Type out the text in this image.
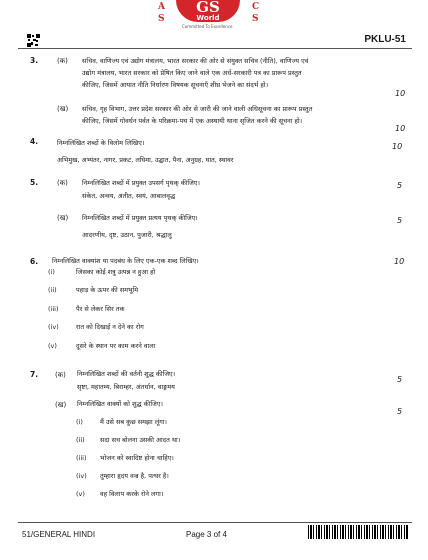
A
S
GS
World
C
S
Committed To Excellence
PKLU-51
3.	(क) सचिव, वाणिज्य एवं उद्योग मंत्रालय, भारत सरकार की ओर से संयुक्त सचिव (नीति), वाणिज्य एवं
उद्योग मंत्रालय, भारत सरकार को प्रेषित किए जाने वाले एक अर्ध-सरकारी पत्र का प्रारूप प्रस्तुत
कीजिए, जिसमें आयात नीति निर्धारण विषयक सूचनाएँ शीघ्र भेजने का संदर्भ हो।
10
(ख) सचिव, गृह विभाग, उत्तर प्रदेश सरकार की ओर से जारी की जाने वाली अधिसूचना का प्रारूप प्रस्तुत
कीजिए, जिसमें गोवर्धन पर्वत के परिक्रमा-पथ में एक अस्थायी थाना सृजित करने की सूचना हो।
10
4.	निम्नलिखित शब्दों के विलोम लिखिए।	10
अभिमुख, अभ्यंतर, नागर, प्रकट, लघिमा, उद्घात, पैना, अनुग्रह, घात, स्थावर
5.	(क) निम्नलिखित शब्दों में प्रयुक्त उपसर्ग पृथक् कीजिए।	5
संकेत, अन्वय, अतीत, स्वयं, आबालवृद्ध
(ख) निम्नलिखित शब्दों में प्रयुक्त प्रत्यय पृथक् कीजिए।	5
आदरणीय, दृष्ट, उठान, पुजारी, श्रद्धालु
6. निम्नलिखित वाक्यांश या पदबंध के लिए एक-एक शब्द लिखिए।	10
(i)	जिसका कोई शत्रु उत्पन्न न हुआ हो
(ii)	पहाड़ के ऊपर की समभूमि
(iii)	पैर से लेकर सिर तक
(iv)	रात को दिखाई न देने का रोग
(v)	दूसरे के स्थान पर काम करने वाला
7. (क) निम्नलिखित शब्दों की वर्तनी शुद्ध कीजिए।
5
सृष्टा, महातम्य, बिराम्हर, अंतर्धान, वाङ्गमय
(ख) निम्नलिखित वाक्यों को शुद्ध कीजिए।
5
(i)	मैं उसे सब कुछ समझा लूंगा।
(ii) सदा सच बोलना उसकी आदत था।
(iii) भोजन को स्वादिष्ट होना चाहिए।
(iv) तुम्हारा हृदय वज्र है, पत्थर है।
(v) वह विलाप करके रोने लगा।
51/GENERAL HINDI	Page 3 of 4
